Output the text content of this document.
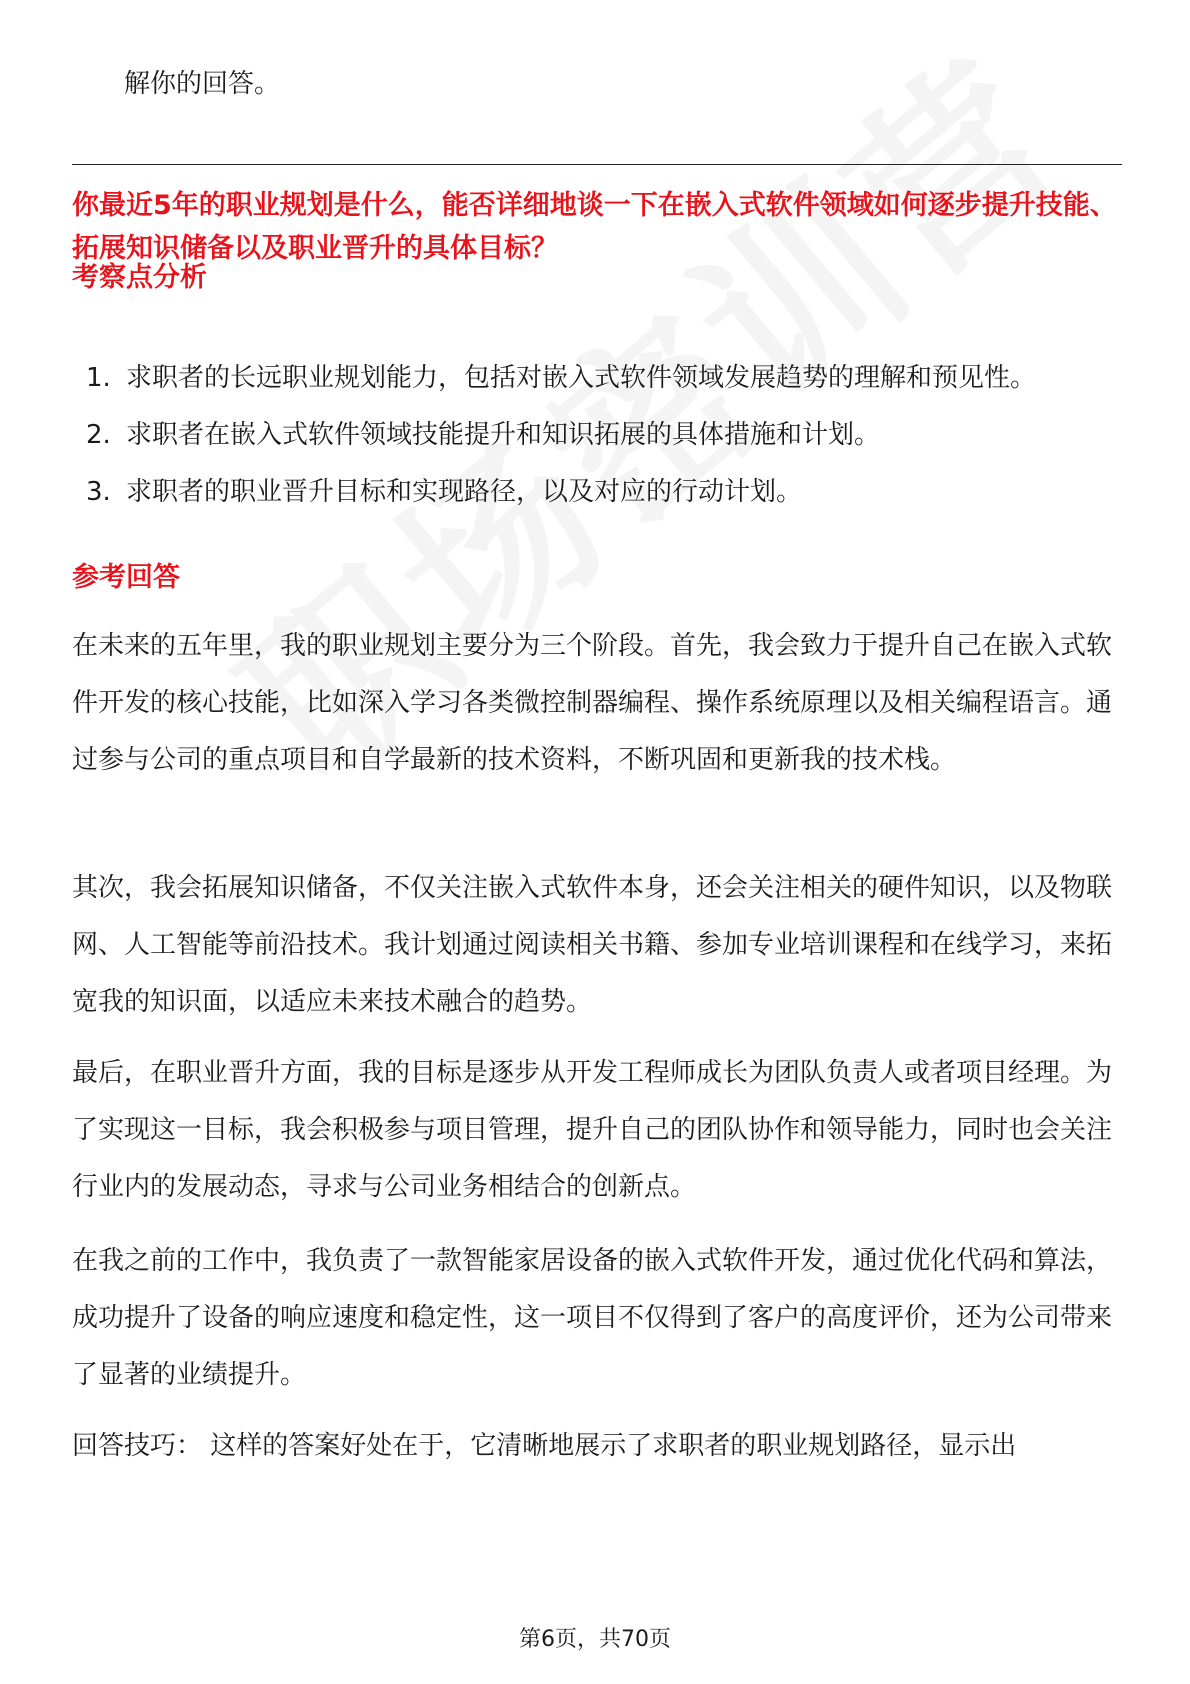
解你的回答。
你最近5年的职业规划是什么，能否详细地谈一下在嵌入式软件领域如何逐步提升技能、拓展知识储备以及职业晋升的具体目标？
考察点分析
1. 求职者的长远职业规划能力，包括对嵌入式软件领域发展趋势的理解和预见性。
2. 求职者在嵌入式软件领域技能提升和知识拓展的具体措施和计划。
3. 求职者的职业晋升目标和实现路径，以及对应的行动计划。
参考回答

在未来的五年里，我的职业规划主要分为三个阶段。首先，我会致力于提升自己在嵌入式软件开发的核心技能，比如深入学习各类微控制器编程、操作系统原理以及相关编程语言。通过参与公司的重点项目和自学最新的技术资料，不断巩固和更新我的技术栈。

其次，我会拓展知识储备，不仅关注嵌入式软件本身，还会关注相关的硬件知识，以及物联网、人工智能等前沿技术。我计划通过阅读相关书籍、参加专业培训课程和在线学习，来拓宽我的知识面，以适应未来技术融合的趋势。

最后，在职业晋升方面，我的目标是逐步从开发工程师成长为团队负责人或者项目经理。为了实现这一目标，我会积极参与项目管理，提升自己的团队协作和领导能力，同时也会关注行业内的发展动态，寻求与公司业务相结合的创新点。

在我之前的工作中，我负责了一款智能家居设备的嵌入式软件开发，通过优化代码和算法，成功提升了设备的响应速度和稳定性，这一项目不仅得到了客户的高度评价，还为公司带来了显著的业绩提升。

回答技巧： 这样的答案好处在于，它清晰地展示了求职者的职业规划路径，显示出

第6页，共70页
